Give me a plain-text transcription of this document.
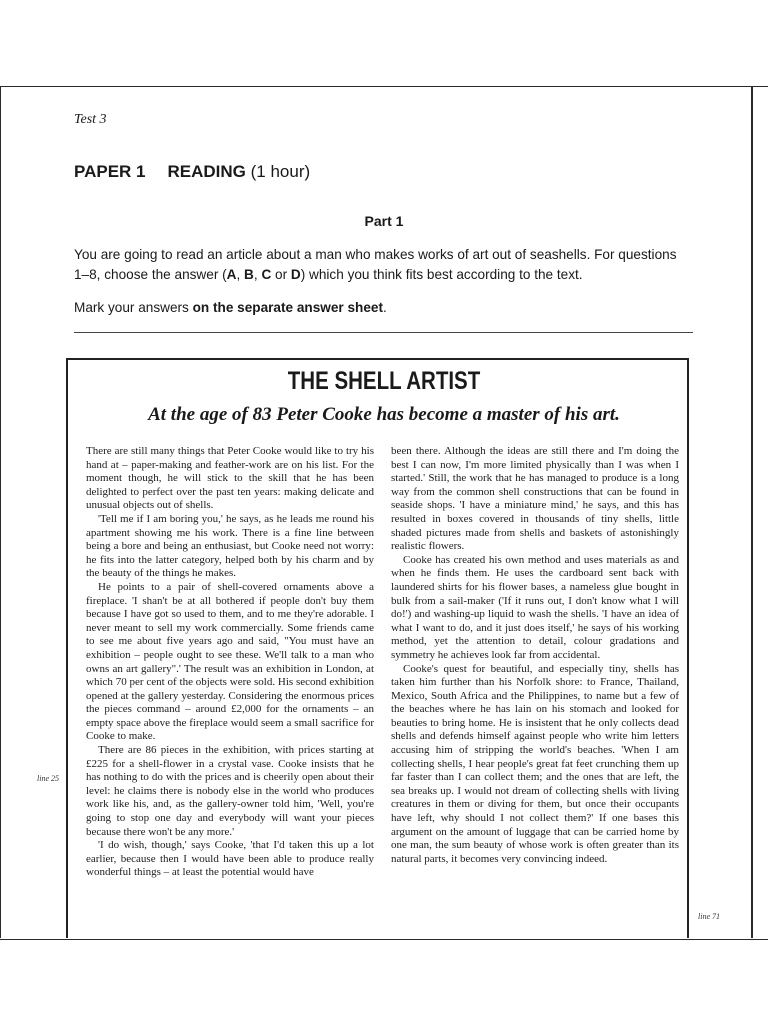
Test 3
PAPER 1 READING (1 hour)
Part 1

You are going to read an article about a man who makes works of art out of seashells. For questions 1–8, choose the answer (A, B, C or D) which you think fits best according to the text.

Mark your answers on the separate answer sheet.

THE SHELL ARTIST
At the age of 83 Peter Cooke has become a master of his art.

There are still many things that Peter Cooke would like to try his hand at – paper-making and feather-work are on his list. For the moment though, he will stick to the skill that he has been delighted to perfect over the past ten years: making delicate and unusual objects out of shells.

'Tell me if I am boring you,' he says, as he leads me round his apartment showing me his work. There is a fine line between being a bore and being an enthusiast, but Cooke need not worry: he fits into the latter category, helped both by his charm and by the beauty of the things he makes.

He points to a pair of shell-covered ornaments above a fireplace. 'I shan't be at all bothered if people don't buy them because I have got so used to them, and to me they're adorable. I never meant to sell my work commercially. Some friends came to see me about five years ago and said, "You must have an exhibition – people ought to see these. We'll talk to a man who owns an art gallery".' The result was an exhibition in London, at which 70 per cent of the objects were sold. His second exhibition opened at the gallery yesterday. Considering the enormous prices the pieces command – around £2,000 for the ornaments – an empty space above the fireplace would seem a small sacrifice for Cooke to make.

There are 86 pieces in the exhibition, with prices starting at £225 for a shell-flower in a crystal vase. Cooke insists that he has nothing to do with the prices and is cheerily open about their level: he claims there is nobody else in the world who produces work like his, and, as the gallery-owner told him, 'Well, you're going to stop one day and everybody will want your pieces because there won't be any more.'

'I do wish, though,' says Cooke, 'that I'd taken this up a lot earlier, because then I would have been able to produce really wonderful things – at least the potential would have

been there. Although the ideas are still there and I'm doing the best I can now, I'm more limited physically than I was when I started.' Still, the work that he has managed to produce is a long way from the common shell constructions that can be found in seaside shops. 'I have a miniature mind,' he says, and this has resulted in boxes covered in thousands of tiny shells, little shaded pictures made from shells and baskets of astonishingly realistic flowers.

Cooke has created his own method and uses materials as and when he finds them. He uses the cardboard sent back with laundered shirts for his flower bases, a nameless glue bought in bulk from a sail-maker ('If it runs out, I don't know what I will do!') and washing-up liquid to wash the shells. 'I have an idea of what I want to do, and it just does itself,' he says of his working method, yet the attention to detail, colour gradations and symmetry he achieves look far from accidental.

Cooke's quest for beautiful, and especially tiny, shells has taken him further than his Norfolk shore: to France, Thailand, Mexico, South Africa and the Philippines, to name but a few of the beaches where he has lain on his stomach and looked for beauties to bring home. He is insistent that he only collects dead shells and defends himself against people who write him letters accusing him of stripping the world's beaches. 'When I am collecting shells, I hear people's great fat feet crunching them up far faster than I can collect them; and the ones that are left, the sea breaks up. I would not dream of collecting shells with living creatures in them or diving for them, but once their occupants have left, why should I not collect them?' If one bases this argument on the amount of luggage that can be carried home by one man, the sum beauty of whose work is often greater than its natural parts, it becomes very convincing indeed.

line 25
line 71
